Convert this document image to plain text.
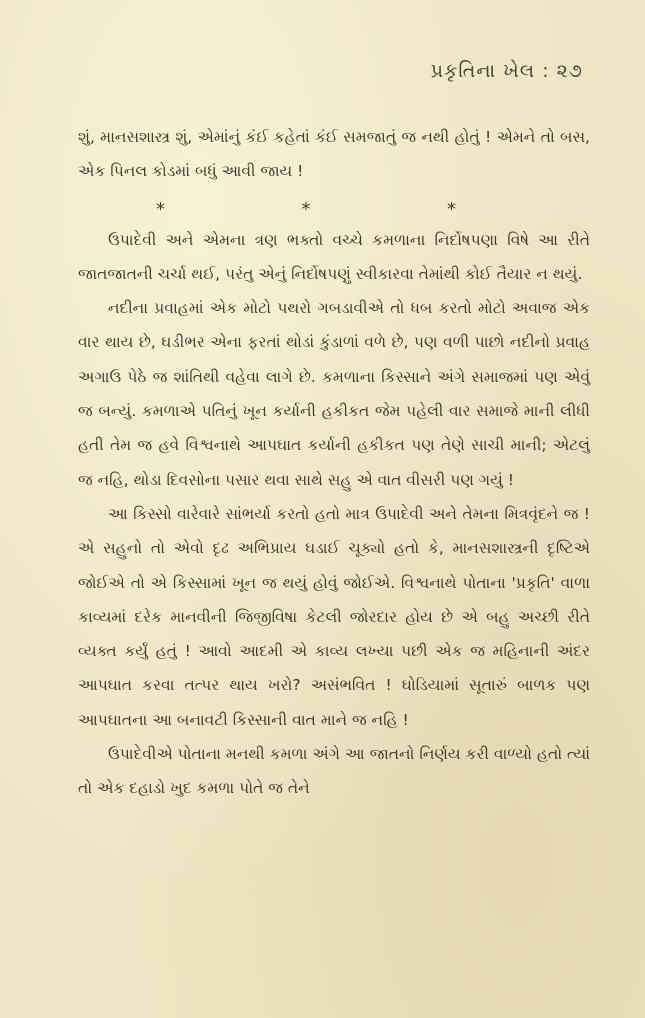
પ્રકૃતિના ખેલ : ૨૭

શું, માનસશાસ્ત્ર શું, એમાંનું કંઈ કહેતાં કંઈ સમજાતું જ નથી હોતું ! એમને તો બસ, એક પિનલ કોડમાં બધું આવી જાય !

*	*	*

ઉપાદેવી અને એમના ત્રણ ભક્તો વચ્ચે કમળાના નિર્દોષપણા વિષે આ રીતે જાતજાતની ચર્ચા થઈ, પરંતુ એનું નિર્દોષપણું સ્વીકારવા તેમાંથી કોઈ તૈયાર ન થયું.

નદીના પ્રવાહમાં એક મોટો પથરો ગબડાવીએ તો ધબ કરતો મોટો અવાજ એક વાર થાય છે, ઘડીભર એના ફરતાં થોડાં કુંડાળાં વળે છે, પણ વળી પાછો નદીનો પ્રવાહ અગાઉ પેઠે જ શાંતિથી વહેવા લાગે છે. કમળાના કિસ્સાને અંગે સમાજમાં પણ એવું જ બન્યું. કમળાએ પતિનું ખૂન કર્યાની હકીકત જેમ પહેલી વાર સમાજે માની લીધી હતી તેમ જ હવે વિશ્વનાથે આપઘાત કર્યાની હકીકત પણ તેણે સાચી માની; એટલું જ નહિ, થોડા દિવસોના પસાર થવા સાથે સહુ એ વાત વીસરી પણ ગયું !

આ કિસ્સો વારેવારે સાંભર્યા કરતો હતો માત્ર ઉપાદેવી અને તેમના મિત્રવૃંદને જ ! એ સહુનો તો એવો દૃઢ અભિપ્રાય ઘડાઈ ચૂક્યો હતો કે, માનસશાસ્ત્રની દૃષ્ટિએ જોઈએ તો એ કિસ્સામાં ખૂન જ થયું હોવું જોઈએ. વિશ્વનાથે પોતાના 'પ્રકૃતિ' વાળા કાવ્યમાં દરેક માનવીની જિજીવિષા કેટલી જોરદાર હોય છે એ બહુ અચ્છી રીતે વ્યક્ત કર્યું હતું ! આવો આદમી એ કાવ્ય લખ્યા પછી એક જ મહિનાની અંદર આપઘાત કરવા તત્પર થાય ખરો? અસંભવિત ! ઘોડિયામાં સૂતારું બાળક પણ આપઘાતના આ બનાવટી કિસ્સાની વાત માને જ નહિ !

ઉપાદેવીએ પોતાના મનથી કમળા અંગે આ જાતનો નિર્ણય કરી વાળ્યો હતો ત્યાં તો એક દહાડો ખુદ કમળા પોતે જ તેને
